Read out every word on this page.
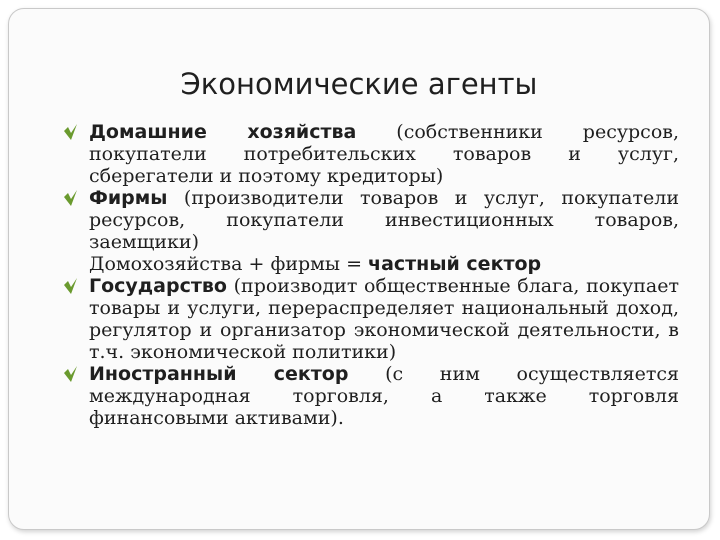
Экономические агенты

Домашние хозяйства (собственники ресурсов, покупатели потребительских товаров и услуг, сберегатели и поэтому кредиторы)

Фирмы (производители товаров и услуг, покупатели ресурсов, покупатели инвестиционных товаров, заемщики)

Домохозяйства + фирмы = частный сектор

Государство (производит общественные блага, покупает товары и услуги, перераспределяет национальный доход, регулятор и организатор экономической деятельности, в т.ч. экономической политики)

Иностранный сектор (с ним осуществляется международная торговля, а также торговля финансовыми активами).
